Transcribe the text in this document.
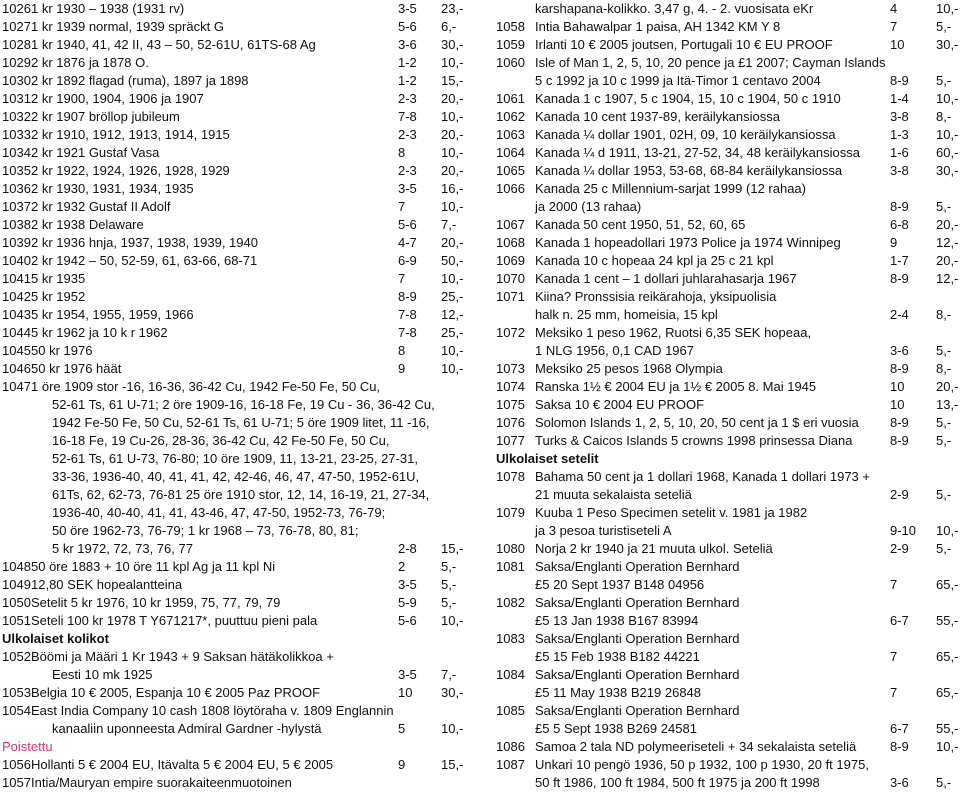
1026 1 kr 1930 – 1938 (1931 rv)	3-5 23,-
1027 1 kr 1939 normal, 1939 spräckt G	5-6 6,-
1028 1 kr 1940, 41, 42 II, 43 – 50, 52-61U, 61TS-68 Ag	3-6 30,-
1029 2 kr 1876 ja 1878 O.	1-2 10,-
1030 2 kr 1892 flagad (ruma), 1897 ja 1898	1-2 15,-
1031 2 kr 1900, 1904, 1906 ja 1907	2-3 20,-
1032 2 kr 1907 bröllop jubileum	7-8 10,-
1033 2 kr 1910, 1912, 1913, 1914, 1915	2-3 20,-
1034 2 kr 1921 Gustaf Vasa	8	10,-
1035 2 kr 1922, 1924, 1926, 1928, 1929	2-3 20,-
1036 2 kr 1930, 1931, 1934, 1935	3-5 16,-
1037 2 kr 1932 Gustaf II Adolf	7	10,-
1038 2 kr 1938 Delaware	5-6 7,-
1039 2 kr 1936 hnja, 1937, 1938, 1939, 1940	4-7 20,-
1040 2 kr 1942 – 50, 52-59, 61, 63-66, 68-71	6-9 50,-
1041 5 kr 1935	7	10,-
1042 5 kr 1952	8-9 25,-
1043 5 kr 1954, 1955, 1959, 1966	7-8 12,-
1044 5 kr 1962 ja 10 k r 1962	7-8 25,-
1045 50 kr 1976	8	10,-
1046 50 kr 1976 häät	9	10,-
1047 1 öre 1909 stor -16, 16-36, 36-42 Cu, 1942 Fe-50 Fe, 50 Cu,
52-61 Ts, 61 U-71; 2 öre 1909-16, 16-18 Fe, 19 Cu - 36, 36-42 Cu,
1942 Fe-50 Fe, 50 Cu, 52-61 Ts, 61 U-71; 5 öre 1909 litet, 11 -16,
16-18 Fe, 19 Cu-26, 28-36, 36-42 Cu, 42 Fe-50 Fe, 50 Cu,
52-61 Ts, 61 U-73, 76-80; 10 öre 1909, 11, 13-21, 23-25, 27-31,
33-36, 1936-40, 40, 41, 41, 42, 42-46, 46, 47, 47-50, 1952-61U,
61Ts, 62, 62-73, 76-81 25 öre 1910 stor, 12, 14, 16-19, 21, 27-34,
1936-40, 40-40, 41, 41, 43-46, 47, 47-50, 1952-73, 76-79;
50 öre 1962-73, 76-79; 1 kr 1968 – 73, 76-78, 80, 81;
5 kr 1972, 72, 73, 76, 77	2-8 15,-
1048 50 öre 1883 + 10 öre 11 kpl Ag ja 11 kpl Ni	2	5,-
1049 12,80 SEK hopealantteina	3-5 5,-
1050 Setelit 5 kr 1976, 10 kr 1959, 75, 77, 79, 79	5-9 5,-
1051 Seteli 100 kr 1978 T Y671217*, puuttuu pieni pala	5-6 10,-
Ulkolaiset kolikot
1052 Böömi ja Määri 1 Kr 1943 + 9 Saksan hätäkolikkoa +
Eesti 10 mk 1925	3-5 7,-
1053 Belgia 10 € 2005, Espanja 10 € 2005 Paz PROOF	10 30,-
1054 East India Company 10 cash 1808 löytöraha v. 1809 Englannin
kanaaliin uponneesta Admiral Gardner -hylystä	5	10,-
Poistettu
1056 Hollanti 5 € 2004 EU, Itävalta 5 € 2004 EU, 5 € 2005	9	15,-
1057 Intia/Mauryan empire suorakaiteenmuotoinen
karshapana-kolikko. 3,47 g, 4. - 2. vuosisata eKr	4	10,-
1058 Intia Bahawalpar 1 paisa, AH 1342 KM Y 8	7	5,-
1059 Irlanti 10 € 2005 joutsen, Portugali 10 € EU PROOF	10 30,-
1060 Isle of Man 1, 2, 5, 10, 20 pence ja £1 2007; Cayman Islands
5 c 1992 ja 10 c 1999 ja Itä-Timor 1 centavo 2004	8-9 5,-
1061 Kanada 1 c 1907, 5 c 1904, 15, 10 c 1904, 50 c 1910	1-4 10,-
1062 Kanada 10 cent 1937-89, keräilykansiossa	3-8 8,-
1063 Kanada ¼ dollar 1901, 02H, 09, 10 keräilykansiossa	1-3 10,-
1064 Kanada ¼ d 1911, 13-21, 27-52, 34, 48 keräilykansiossa 1-6 60,-
1065 Kanada ¼ dollar 1953, 53-68, 68-84 keräilykansiossa	3-8 30,-
1066 Kanada 25 c Millennium-sarjat 1999 (12 rahaa)
ja 2000 (13 rahaa)	8-9 5,-
1067 Kanada 50 cent 1950, 51, 52, 60, 65	6-8 20,-
1068 Kanada 1 hopeadollari 1973 Police ja 1974 Winnipeg	9	12,-
1069 Kanada 10 c hopeaa 24 kpl ja 25 c 21 kpl	1-7 20,-
1070 Kanada 1 cent – 1 dollari juhlarahasarja 1967	8-9 12,-
1071 Kiina? Pronssisia reikärahoja, yksipuolisia
halk n. 25 mm, homeisia, 15 kpl	2-4 8,-
1072 Meksiko 1 peso 1962, Ruotsi 6,35 SEK hopeaa,
1 NLG 1956, 0,1 CAD 1967	3-6 5,-
1073 Meksiko 25 pesos 1968 Olympia	8-9 8,-
1074 Ranska 1½ € 2004 EU ja 1½ € 2005 8. Mai 1945	10 20,-
1075 Saksa 10 € 2004 EU PROOF	10 13,-
1076 Solomon Islands 1, 2, 5, 10, 20, 50 cent ja 1 $ eri vuosia 8-9 5,-
1077 Turks & Caicos Islands 5 crowns 1998 prinsessa Diana	8-9 5,-
Ulkolaiset setelit
1078 Bahama 50 cent ja 1 dollari 1968, Kanada 1 dollari 1973 +
21 muuta sekalaista seteliä	2-9 5,-
1079 Kuuba 1 Peso Specimen setelit v. 1981 ja 1982
ja 3 pesoa turistiseteli A	9-10 10,-
1080 Norja 2 kr 1940 ja 21 muuta ulkol. Seteliä	2-9 5,-
1081 Saksa/Englanti Operation Bernhard
£5 20 Sept 1937 B148 04956	7	65,-
1082 Saksa/Englanti Operation Bernhard
£5 13 Jan 1938 B167 83994	6-7 55,-
1083 Saksa/Englanti Operation Bernhard
£5 15 Feb 1938 B182 44221	7	65,-
1084 Saksa/Englanti Operation Bernhard
£5 11 May 1938 B219 26848	7	65,-
1085 Saksa/Englanti Operation Bernhard
£5 5 Sept 1938 B269 24581	6-7 55,-
1086 Samoa 2 tala ND polymeeriseteli + 34 sekalaista seteliä	8-9 10,-
1087 Unkari 10 pengö 1936, 50 p 1932, 100 p 1930, 20 ft 1975,
50 ft 1986, 100 ft 1984, 500 ft 1975 ja 200 ft 1998	3-6 5,-
